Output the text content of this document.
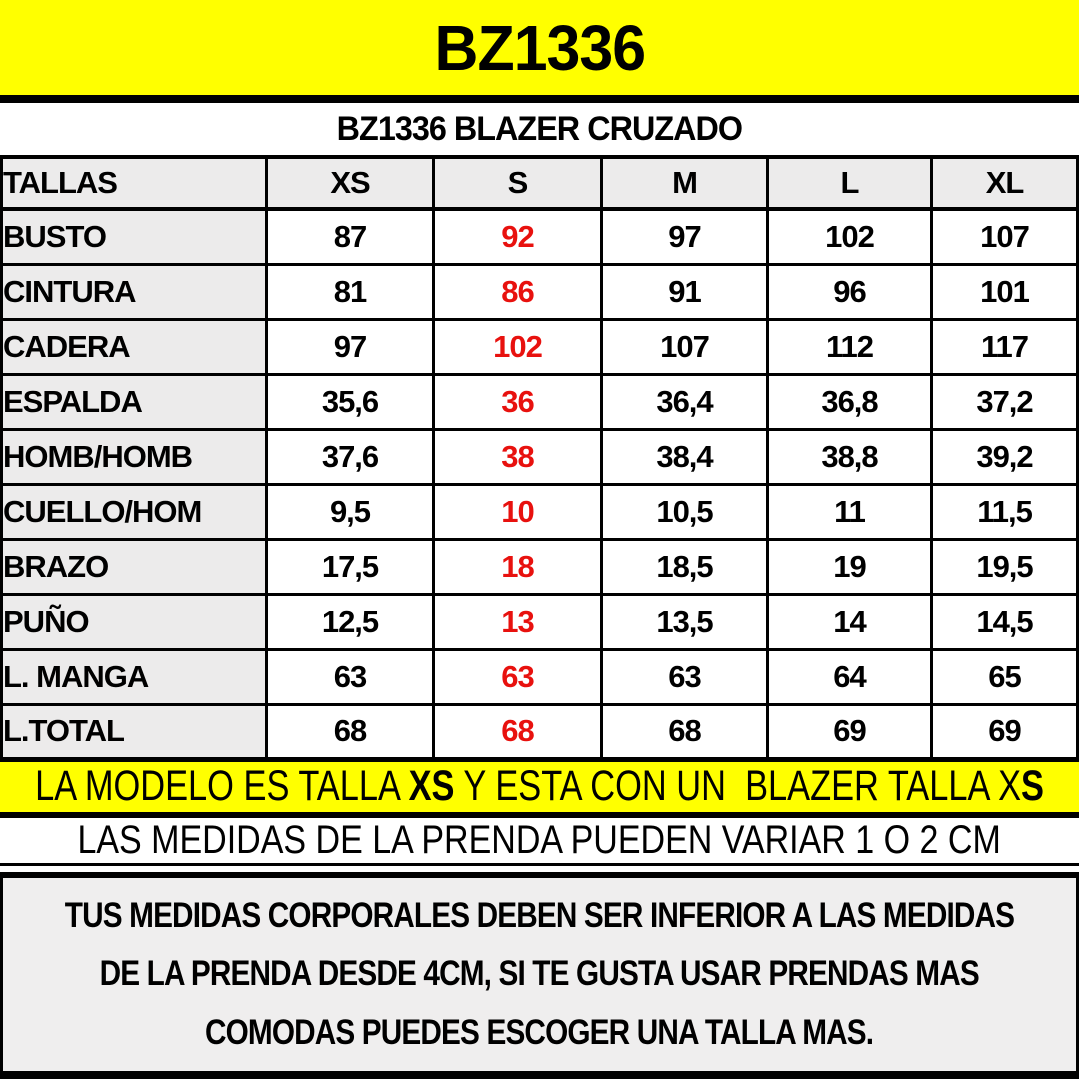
BZ1336
BZ1336 BLAZER CRUZADO
TALLAS	XS	S	M	L	XL
BUSTO	87	92	97	102	107
CINTURA	81	86	91	96	101
CADERA	97	102	107	112	117
ESPALDA	35,6	36	36,4	36,8	37,2
HOMB/HOMB	37,6	38	38,4	38,8	39,2
CUELLO/HOM	9,5	10	10,5	11	11,5
BRAZO	17,5	18	18,5	19	19,5
PUÑO	12,5	13	13,5	14	14,5
L. MANGA	63	63	63	64	65
L.TOTAL	68	68	68	69	69
LA MODELO ES TALLA XS Y ESTA CON UN  BLAZER TALLA XS
LAS MEDIDAS DE LA PRENDA PUEDEN VARIAR 1 O 2 CM
TUS MEDIDAS CORPORALES DEBEN SER INFERIOR A LAS MEDIDAS
DE LA PRENDA DESDE 4CM, SI TE GUSTA USAR PRENDAS MAS
COMODAS PUEDES ESCOGER UNA TALLA MAS.
